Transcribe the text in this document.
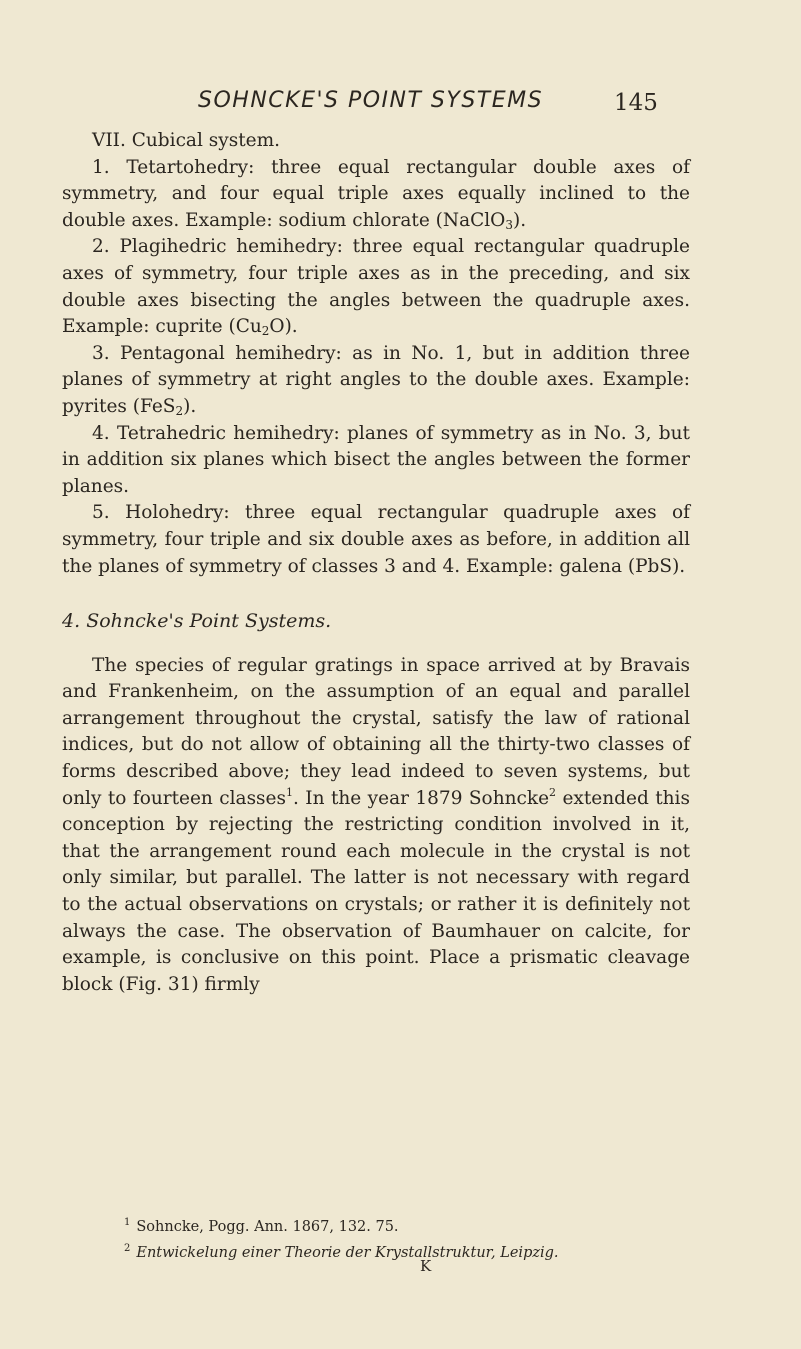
SOHNCKE'S POINT SYSTEMS	145

VII. Cubical system.

1. Tetartohedry: three equal rectangular double axes of symmetry, and four equal triple axes equally inclined to the double axes. Example: sodium chlorate (NaClO$_3$).

2. Plagihedric hemihedry: three equal rectangular quadruple axes of symmetry, four triple axes as in the preceding, and six double axes bisecting the angles between the quadruple axes. Example: cuprite $(Cu_2O)$.

3. Pentagonal hemihedry: as in No. 1, but in addition three planes of symmetry at right angles to the double axes. Example: pyrites (FeS$_2$).

4. Tetrahedric hemihedry: planes of symmetry as in No. 3, but in addition six planes which bisect the angles between the former planes.

5. Holohedry: three equal rectangular quadruple axes of symmetry, four triple and six double axes as before, in addition all the planes of symmetry of classes 3 and 4. Example: galena (PbS).

4. Sohncke's Point Systems.

The species of regular gratings in space arrived at by Bravais and Frankenheim, on the assumption of an equal and parallel arrangement throughout the crystal, satisfy the law of rational indices, but do not allow of obtaining all the thirty-two classes of forms described above; they lead indeed to seven systems, but only to fourteen classes$^1$. In the year 1879 Sohncke$^2$ extended this conception by rejecting the restricting condition involved in it, that the arrangement round each molecule in the crystal is not only similar, but parallel. The latter is not necessary with regard to the actual observations on crystals; or rather it is definitely not always the case. The observation of Baumhauer on calcite, for example, is conclusive on this point. Place a prismatic cleavage block (Fig. 31) firmly

$^1$ Sohncke, Pogg. Ann. 1867, 132. 75.

$^2$ Entwickelung einer Theorie der Krystallstruktur, Leipzig.

K
